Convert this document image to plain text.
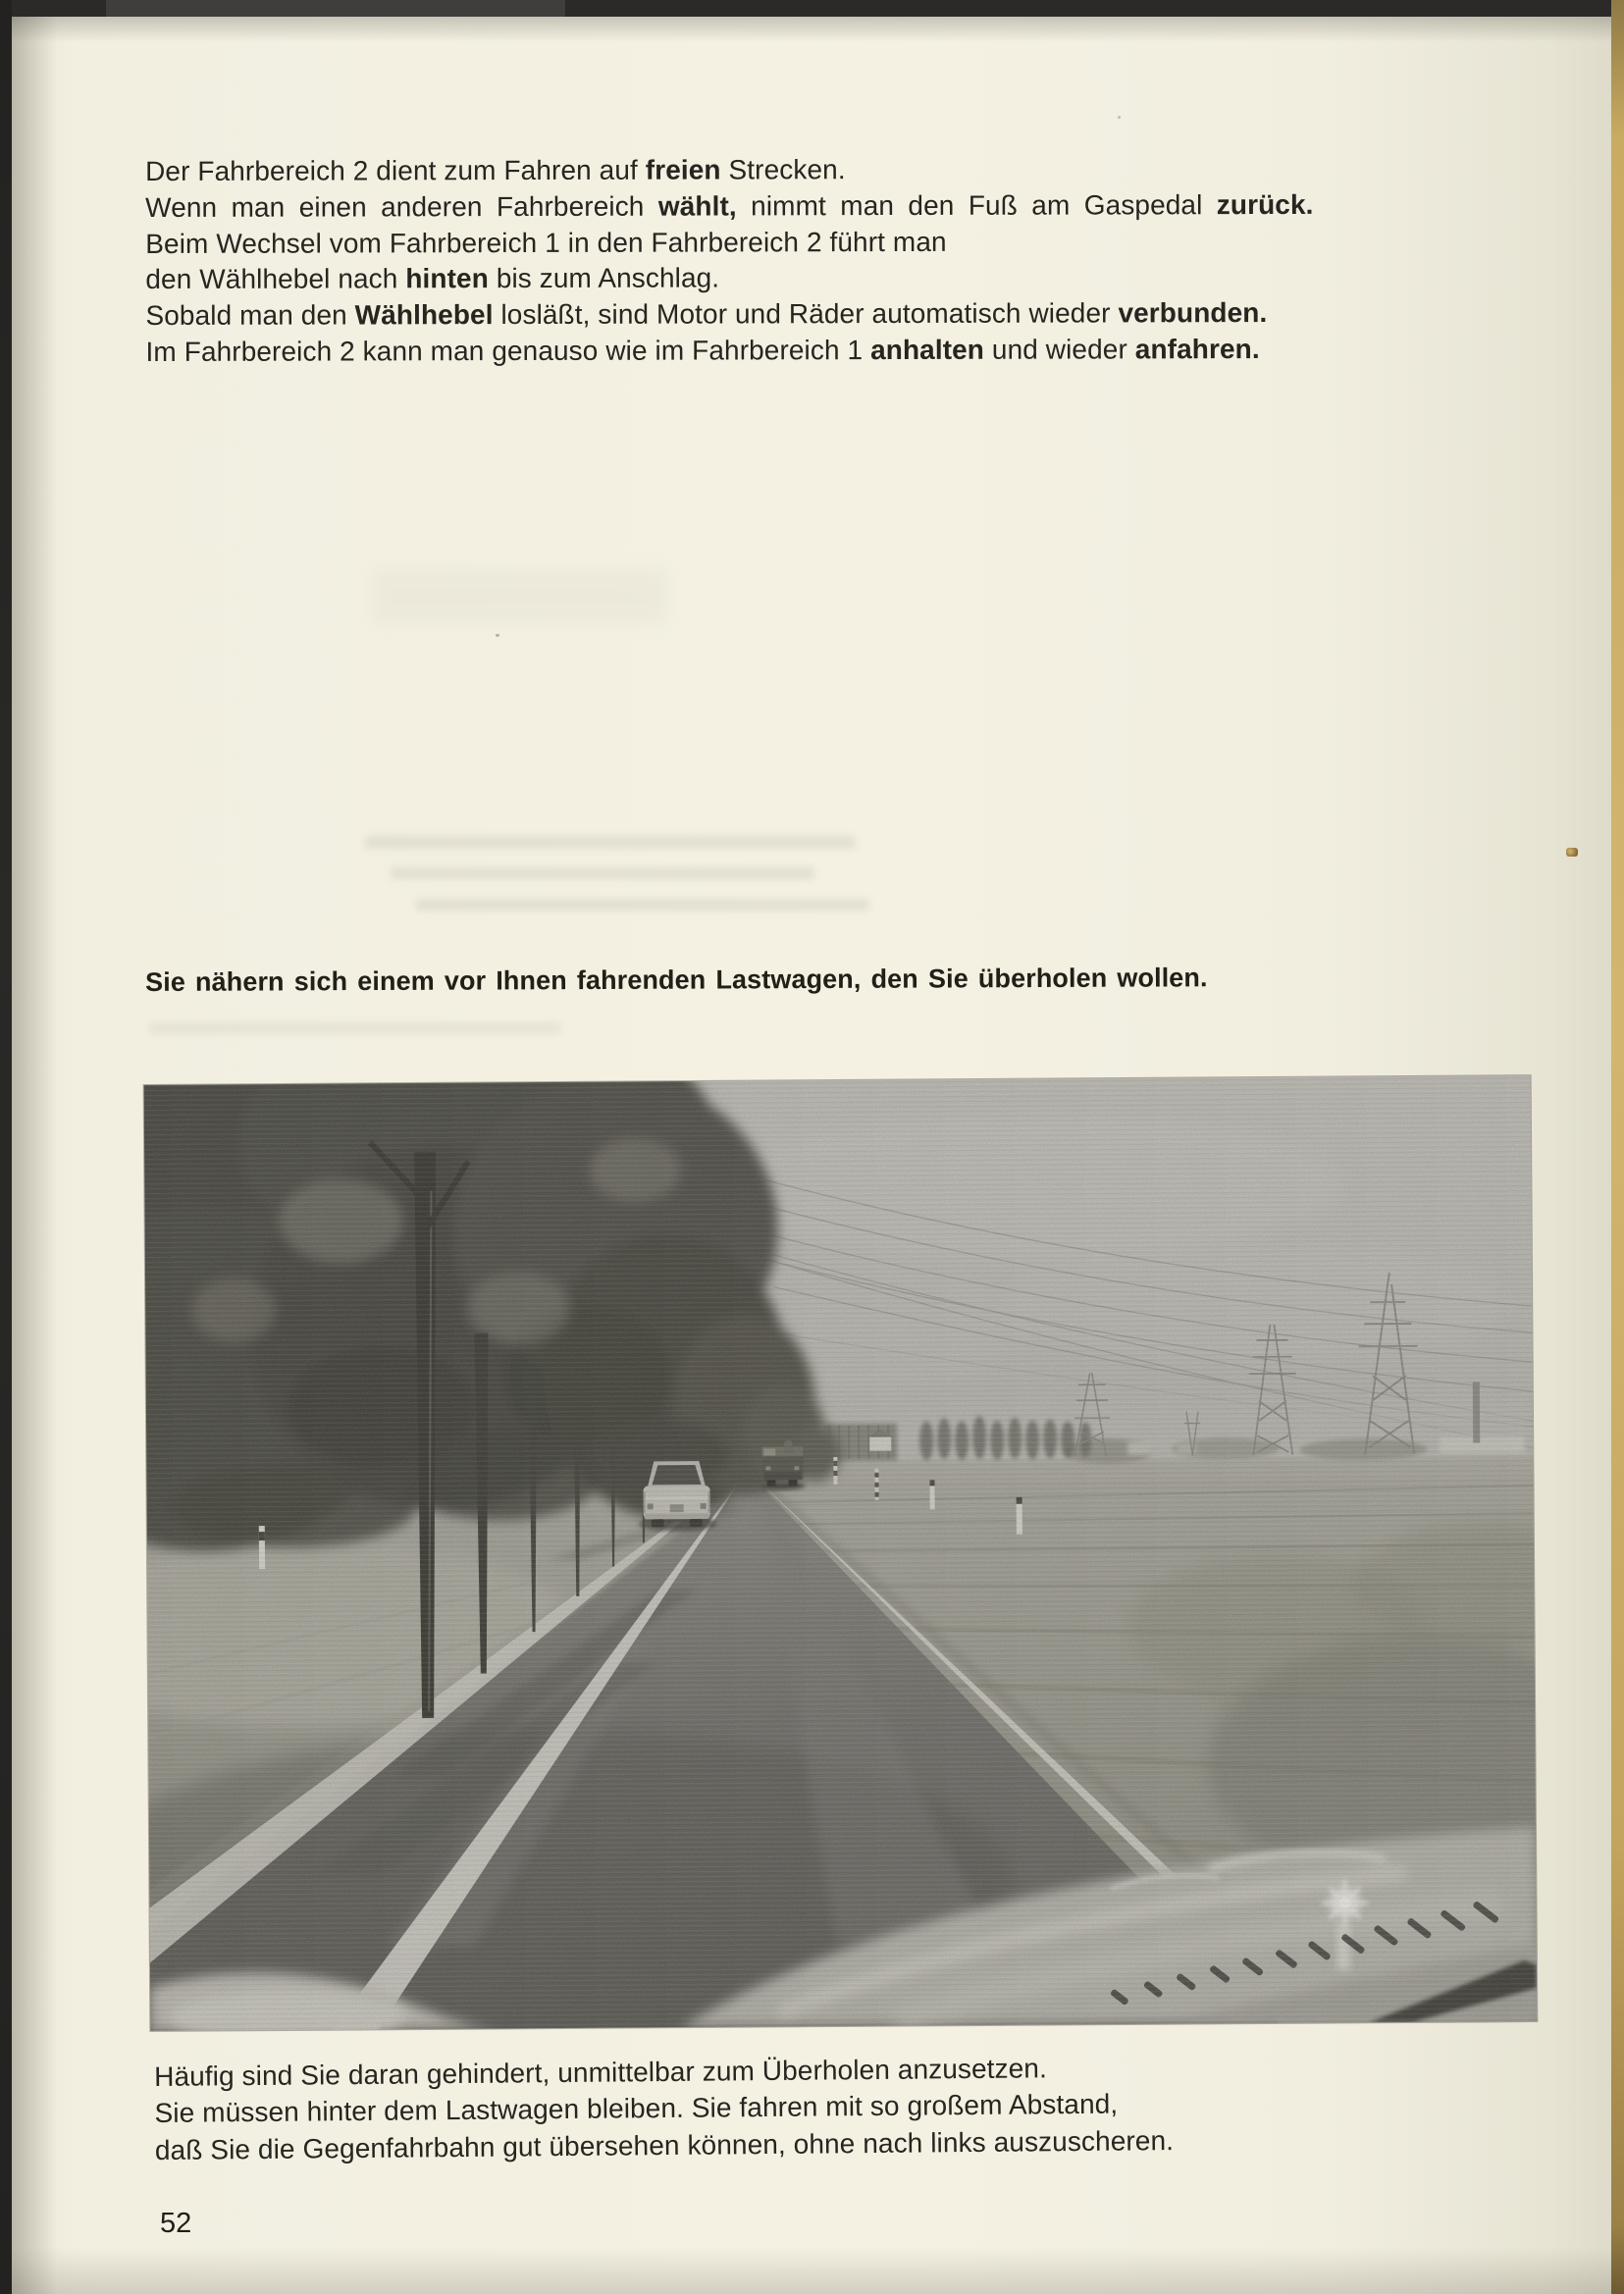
Der Fahrbereich 2 dient zum Fahren auf freien Strecken.
Wenn man einen anderen Fahrbereich wählt, nimmt man den Fuß am Gaspedal zurück.
Beim Wechsel vom Fahrbereich 1 in den Fahrbereich 2 führt man
den Wählhebel nach hinten bis zum Anschlag.
Sobald man den Wählhebel losläßt, sind Motor und Räder automatisch wieder verbunden.
Im Fahrbereich 2 kann man genauso wie im Fahrbereich 1 anhalten und wieder anfahren.
Sie nähern sich einem vor Ihnen fahrenden Lastwagen, den Sie überholen wollen.
Häufig sind Sie daran gehindert, unmittelbar zum Überholen anzusetzen.
Sie müssen hinter dem Lastwagen bleiben. Sie fahren mit so großem Abstand,
daß Sie die Gegenfahrbahn gut übersehen können, ohne nach links auszuscheren.
52
